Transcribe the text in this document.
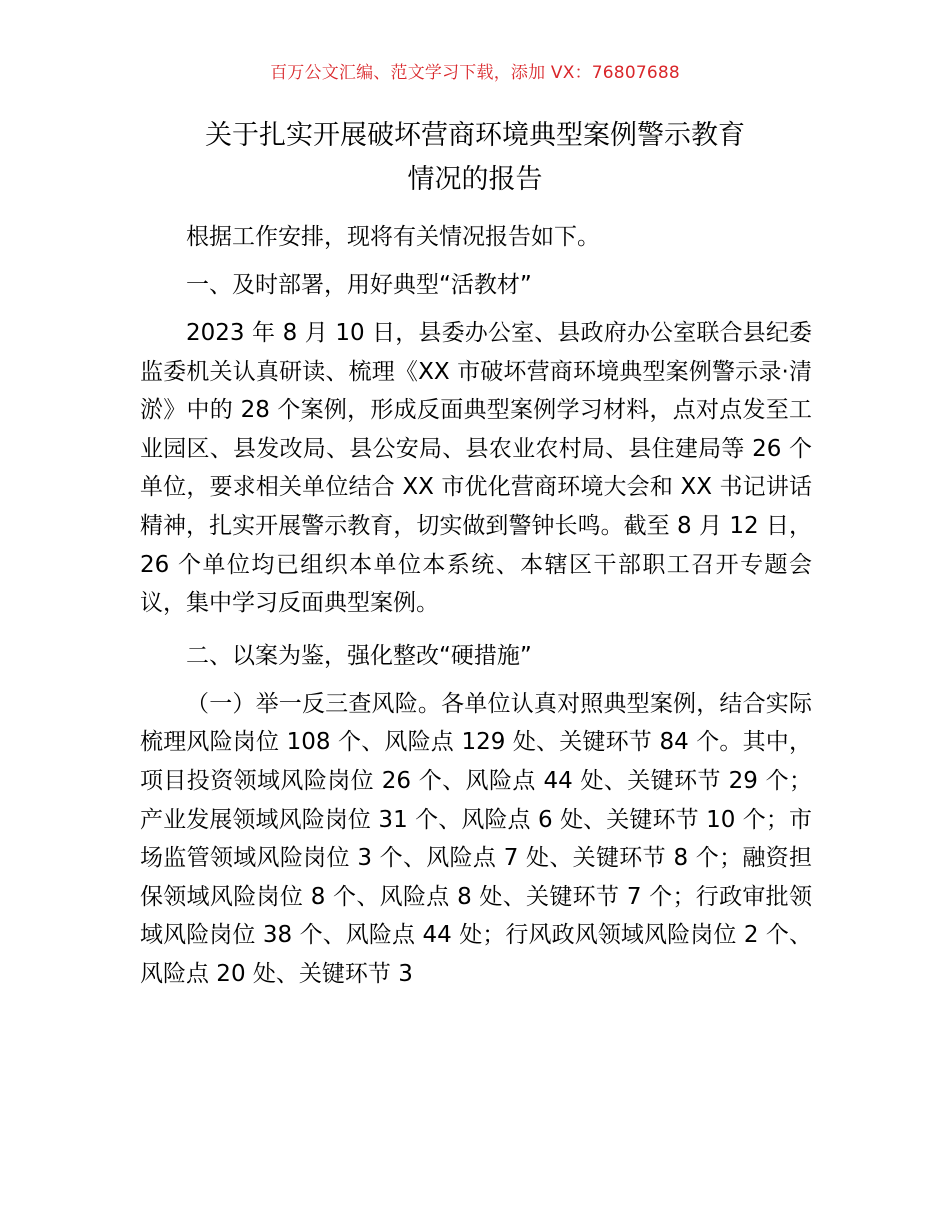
百万公文汇编、范文学习下载，添加 VX：76807688
关于扎实开展破坏营商环境典型案例警示教育
情况的报告

根据工作安排，现将有关情况报告如下。

一、及时部署，用好典型“活教材”

2023 年 8 月 10 日，县委办公室、县政府办公室联合县纪委监委机关认真研读、梳理《XX 市破坏营商环境典型案例警示录·清淤》中的 28 个案例，形成反面典型案例学习材料，点对点发至工业园区、县发改局、县公安局、县农业农村局、县住建局等 26 个单位，要求相关单位结合 XX 市优化营商环境大会和 XX 书记讲话精神，扎实开展警示教育，切实做到警钟长鸣。截至 8 月 12 日，26 个单位均已组织本单位本系统、本辖区干部职工召开专题会议，集中学习反面典型案例。

二、以案为鉴，强化整改“硬措施”

（一）举一反三查风险。各单位认真对照典型案例，结合实际梳理风险岗位 108 个、风险点 129 处、关键环节 84 个。其中，项目投资领域风险岗位 26 个、风险点 44 处、关键环节 29 个；产业发展领域风险岗位 31 个、风险点 6 处、关键环节 10 个；市场监管领域风险岗位 3 个、风险点 7 处、关键环节 8 个；融资担保领域风险岗位 8 个、风险点 8 处、关键环节 7 个；行政审批领域风险岗位 38 个、风险点 44 处；行风政风领域风险岗位 2 个、风险点 20 处、关键环节 3
